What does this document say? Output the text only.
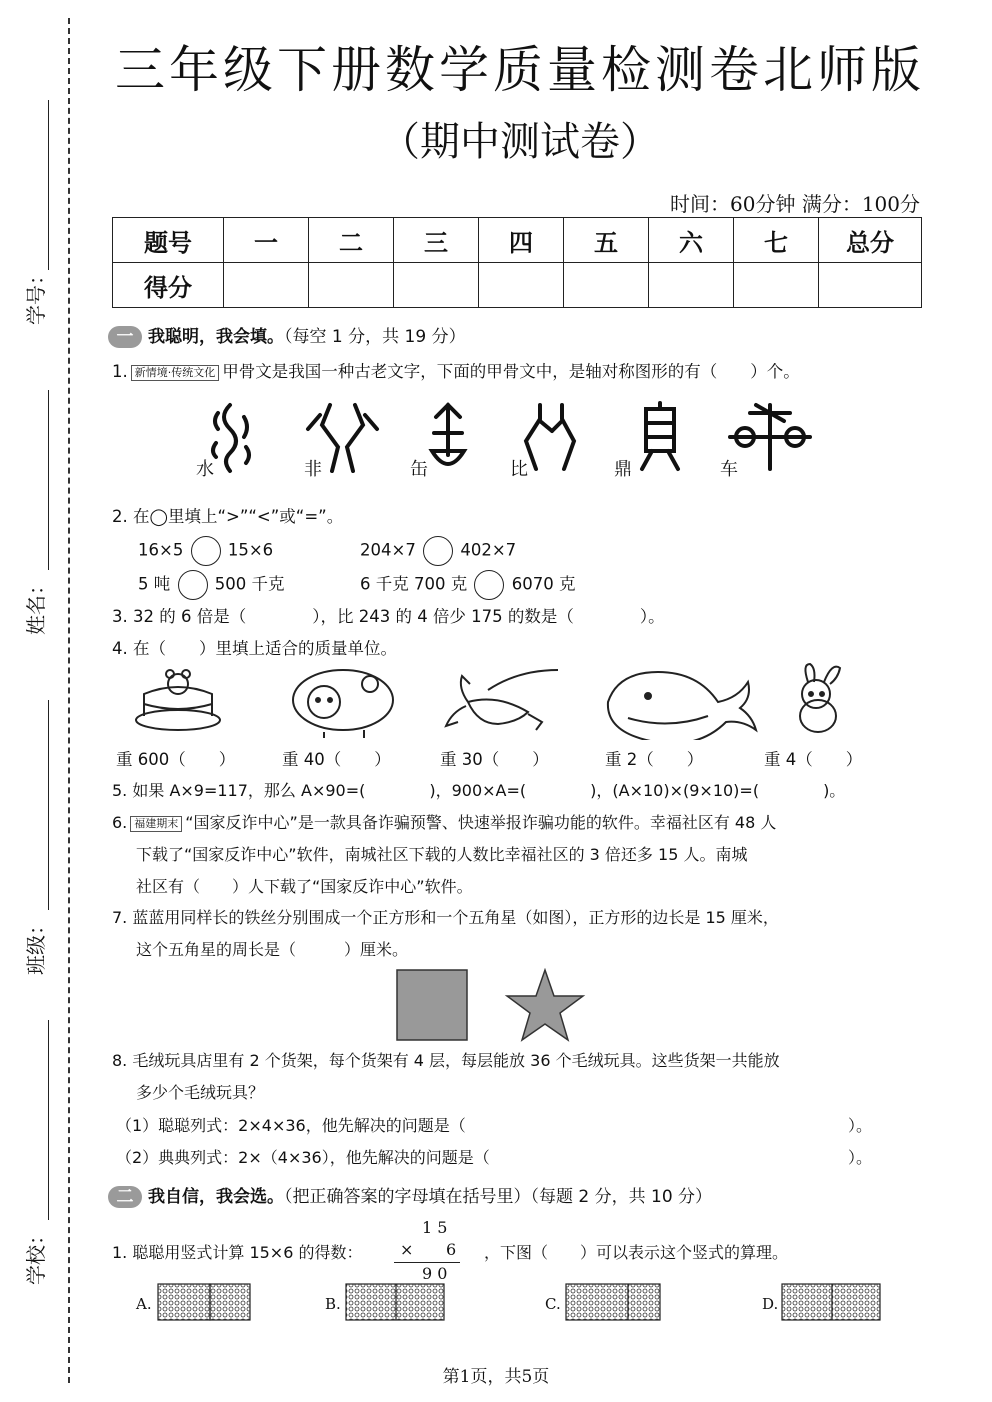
学号：
姓名：
班级：
学校：
三年级下册数学质量检测卷北师版
（期中测试卷）
时间：60分钟 满分：100分
题号	一	二	三	四	五	六	七	总分
得分								
一 我聪明，我会填。（每空 1 分，共 19 分）
1. 新情境·传统文化 甲骨文是我国一种古老文字，下面的甲骨文中，是轴对称图形的有（　　）个。
水	非	缶	比	鼎	车
2. 在◯里填上“>”“<”或“=”。
16×5	15×6	204×7	402×7
5 吨	500 千克	6 千克 700 克	6070 克
3. 32 的 6 倍是（　　　　），比 243 的 4 倍少 175 的数是（　　　　）。
4. 在（　　）里填上适合的质量单位。
重 600（　　）	重 40（　　）	重 30（　　）	重 2（　　）	重 4（　　）
5. 如果 A×9=117，那么 A×90=(　　　　)，900×A=(　　　　)，(A×10)×(9×10)=(　　　　)。
6. 福建期末 “国家反诈中心”是一款具备诈骗预警、快速举报诈骗功能的软件。幸福社区有 48 人
下载了“国家反诈中心”软件，南城社区下载的人数比幸福社区的 3 倍还多 15 人。南城
社区有（　　）人下载了“国家反诈中心”软件。
7. 蓝蓝用同样长的铁丝分别围成一个正方形和一个五角星（如图），正方形的边长是 15 厘米，
这个五角星的周长是（　　　）厘米。
8. 毛绒玩具店里有 2 个货架，每个货架有 4 层，每层能放 36 个毛绒玩具。这些货架一共能放
多少个毛绒玩具？
（1）聪聪列式：2×4×36，他先解决的问题是（	）。
（2）典典列式：2×（4×36），他先解决的问题是（	）。
二 我自信，我会选。（把正确答案的字母填在括号里）（每题 2 分，共 10 分）
1. 聪聪用竖式计算 15×6 的得数：
1 5
× 6
9 0
，下图（　　）可以表示这个竖式的算理。
A.	B.	C.	D.
第1页，共5页
